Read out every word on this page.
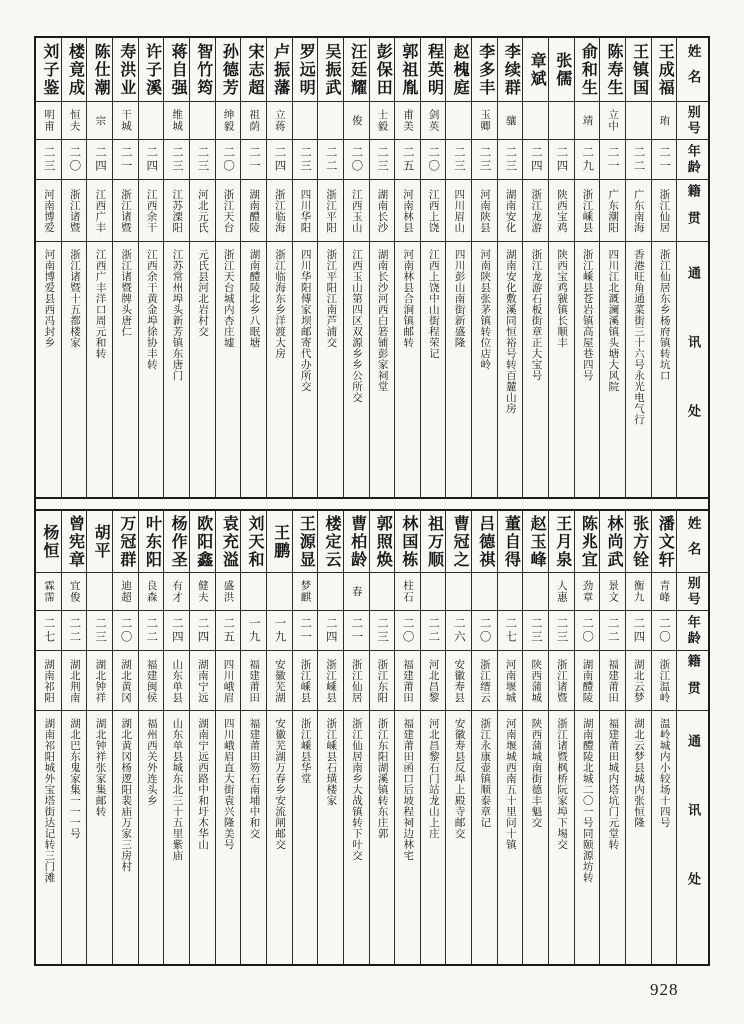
姓名
别号
年龄
籍贯
通讯处
王成福
珛
二一
浙江仙居
浙江仙居东乡杨府镇转坑口
王镇国
二二
广东南海
香港旺角通菜街三十六号永光电气行
陈寿生
立中
二一
广东潮阳
四川江北溉澜溪镇头塘大风院
俞和生
靖
二九
浙江嵊县
浙江嵊县苍岩镇高屋巷四号
张儒
二四
陕西宝鸡
陕西宝鸡虢镇长顺丰
章斌
二四
浙江龙游
浙江龙游石板街章正大宝号
李续群
骧
二三
湖南安化
湖南安化敷溪同恒裕号转百麓山房
李多丰
玉卿
二三
河南陕县
河南陕县张茅镇转位店岭
赵槐庭
二三
四川眉山
四川彭山南街新盛隆
程英明
剑英
二〇
江西上饶
江西上饶中山街程荣记
郭祖胤
甫美
二五
河南林县
河南林县合涧镇邮转
彭保田
士毅
二三
湖南长沙
湖南长沙河西白箬铺彭家祠堂
汪廷耀
俊
二〇
江西玉山
江西玉山第四区双源乡乡公所交
吴振武
二二
浙江平阳
浙江平阳江南芦浦交
罗远明
二三
四川华阳
四川华阳傅家坝邮寄代办所交
卢振藩
立蒋
二四
浙江临海
浙江临海东乡洋渡大房
宋志超
祖荫
二一
湖南醴陵
湖南醴陵北乡八眠塘
孙德芳
绅毅
二〇
浙江天台
浙江天台城内杏庄墟
智竹筠
二三
河北元氏
元氏县河北岩村交
蒋自强
维城
二三
江苏溧阳
江苏常州埠头新芳镇东唐门
许子溪
二四
江西余干
江西余干黄金埠徐协丰转
寿洪业
干城
二一
浙江诸暨
浙江诸暨牌头唐仁
陈仕潮
宗
二四
江西广丰
江西广丰洋口周元和转
楼竟成
恒夫
二〇
浙江诸暨
浙江诸暨十五都楼家
刘子鉴
明甫
二三
河南博爱
河南博爱县西冯封乡
姓名
别号
年龄
籍贯
通讯处
潘文轩
青峰
二〇
浙江温岭
温岭城内小较场十四号
张方铨
衡九
二四
湖北云梦
湖北云梦县城内张恒隆
林尚武
景文
二二
福建莆田
福建莆田城内塔坑门元堂转
陈兆宜
劲章
二〇
湖南醴陵
湖南醴陵北城二〇一号同颐源坊转
王月泉
人惠
二三
浙江诸暨
浙江诸暨枫桥阮家埠下埸交
赵玉峰
二三
陕西蒲城
陕西蒲城南街德丰魁交
董自得
二七
河南堰城
河南堰城西南五十里问十镇
吕德祺
二〇
浙江缙云
浙江永康壶镇顺泰章记
曹冠之
二六
安徽寿县
安徽寿县反埠上殿寺邮交
祖万顺
二二
河北昌黎
河北昌黎石门站龙山上庄
林国栋
柱石
二〇
福建莆田
福建莆田函口后坡程祠边林宅
郭照焕
二三
浙江东阳
浙江东阳湖溪镇转东庄郭
曹柏龄
春
二一
浙江仙居
浙江仙居南乡大战镇转下叶交
楼定云
二四
浙江嵊县
浙江嵊县石璜楼家
王源显
梦麒
二一
浙江嵊县
浙江嵊县华堂
王鹏
一九
安徽芜湖
安徽芜湖万春乡安流闸邮交
刘天和
一九
福建莆田
福建莆田笏石南埔中和交
袁充溢
盛洪
二五
四川峨眉
四川峨眉直大街袁兴隆美号
欧阳鑫
健夫
二四
湖南宁远
湖南宁远西路中和圩木华山
杨作圣
有才
二四
山东单县
山东单县城东北三十五里紫庙
叶东阳
良森
二二
福建闽侯
福州西关外连头乡
万冠群
迪超
二〇
湖北黄冈
湖北黄冈杨逻阳裴庙万家三房村
胡平
二三
湖北钟祥
湖北钟祥张家集邮转
曾宪章
宜俊
二二
湖北荆南
湖北巴东鬼家集一一一号
杨恒
霖霈
二七
湖南祁阳
湖南祁阳城外宝塔街达记转三门滩
928
